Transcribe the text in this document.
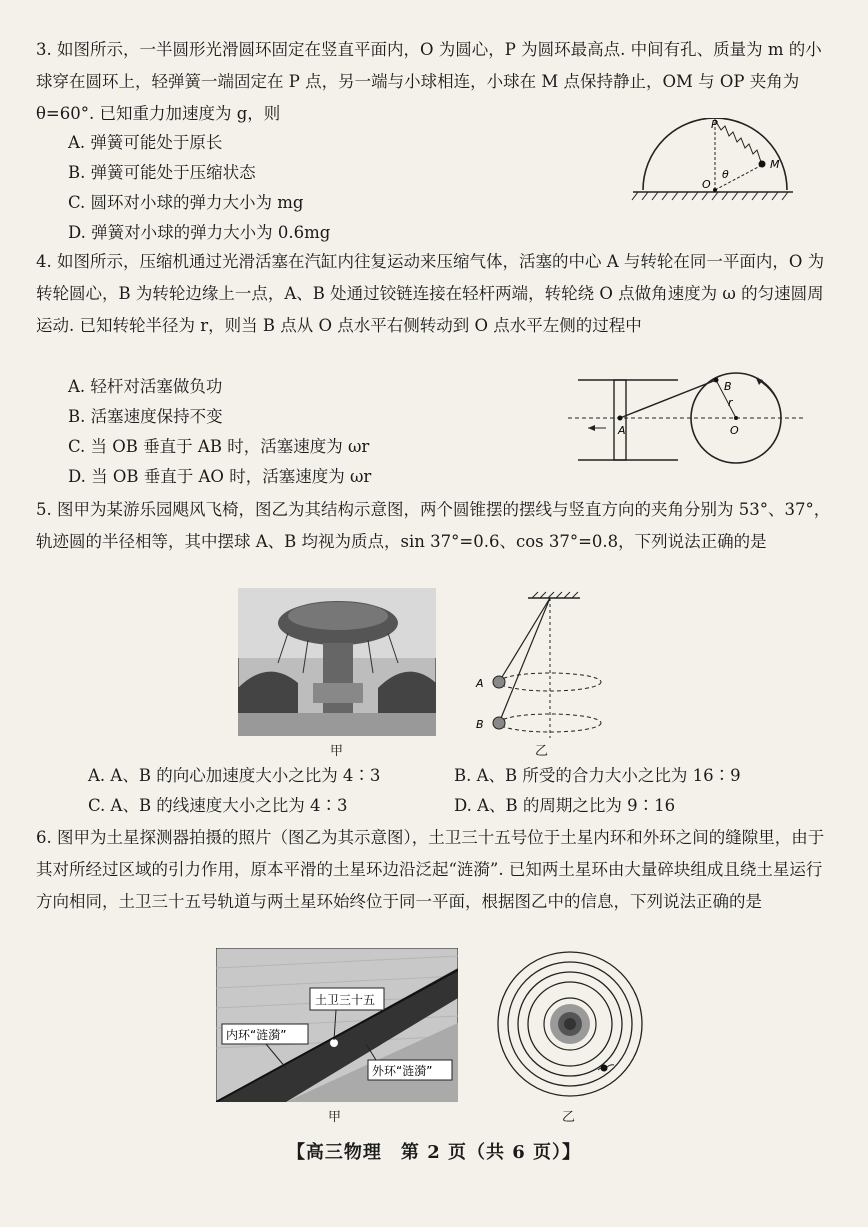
3. 如图所示，一半圆形光滑圆环固定在竖直平面内，O 为圆心，P 为圆环最高点. 中间有孔、质量为 m 的小球穿在圆环上，轻弹簧一端固定在 P 点，另一端与小球相连，小球在 M 点保持静止，OM 与 OP 夹角为 θ=60°. 已知重力加速度为 g，则

A. 弹簧可能处于原长
B. 弹簧可能处于压缩状态
C. 圆环对小球的弹力大小为 mg
D. 弹簧对小球的弹力大小为 0.6mg
P
M
O
θ

4. 如图所示，压缩机通过光滑活塞在汽缸内往复运动来压缩气体，活塞的中心 A 与转轮在同一平面内，O 为转轮圆心，B 为转轮边缘上一点，A、B 处通过铰链连接在轻杆两端，转轮绕 O 点做角速度为 ω 的匀速圆周运动. 已知转轮半径为 r，则当 B 点从 O 点水平右侧转动到 O 点水平左侧的过程中

A. 轻杆对活塞做负功
B. 活塞速度保持不变
C. 当 OB 垂直于 AB 时，活塞速度为 ωr
D. 当 OB 垂直于 AO 时，活塞速度为 ωr
B
A	O
r

5. 图甲为某游乐园飓风飞椅，图乙为其结构示意图，两个圆锥摆的摆线与竖直方向的夹角分别为 53°、37°，轨迹圆的半径相等，其中摆球 A、B 均视为质点，sin 37°=0.6、cos 37°=0.8，下列说法正确的是

甲
A
B
乙
A. A、B 的向心加速度大小之比为 4∶3	B. A、B 所受的合力大小之比为 16∶9
C. A、B 的线速度大小之比为 4∶3	D. A、B 的周期之比为 9∶16

6. 图甲为土星探测器拍摄的照片（图乙为其示意图），土卫三十五号位于土星内环和外环之间的缝隙里，由于其对所经过区域的引力作用，原本平滑的土星环边沿泛起“涟漪”. 已知两土星环由大量碎块组成且绕土星运行方向相同，土卫三十五号轨道与两土星环始终位于同一平面，根据图乙中的信息，下列说法正确的是

土卫三十五
内环“涟漪”
外环“涟漪”
甲	乙
【高三物理　第 2 页（共 6 页）】
